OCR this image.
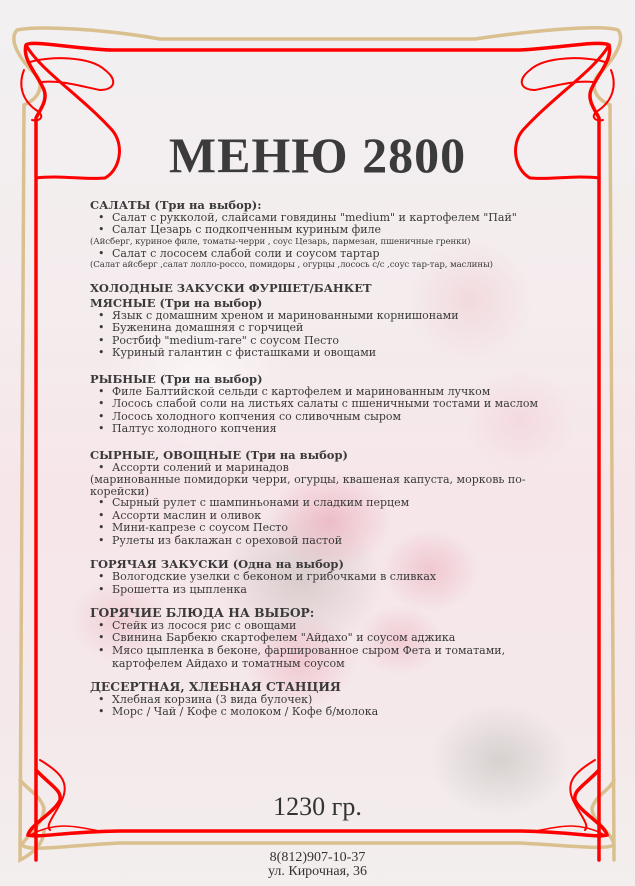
МЕНЮ 2800
САЛАТЫ (Три на выбор):
• Салат с рукколой, слайсами говядины "medium" и картофелем "Пай"
• Салат Цезарь с подкопченным куриным филе
(Айсберг, куриное филе, томаты-черри , соус Цезарь, пармезан, пшеничные гренки)
• Салат с лососем слабой соли и соусом тартар
(Салат айсберг ,салат лолло-россо, помидоры , огурцы ,лосось с/с ,соус тар-тар, маслины)
ХОЛОДНЫЕ ЗАКУСКИ ФУРШЕТ/БАНКЕТ
МЯСНЫЕ (Три на выбор)
• Язык с домашним хреном и маринованными корнишонами
• Буженина домашняя с горчицей
• Ростбиф "medium-rare" с соусом Песто
• Куриный галантин с фисташками и овощами
РЫБНЫЕ (Три на выбор)
• Филе Балтийской сельди с картофелем и маринованным лучком
• Лосось слабой соли на листьях салаты с пшеничными тостами и маслом
• Лосось холодного копчения со сливочным сыром
• Палтус холодного копчения
СЫРНЫЕ, ОВОЩНЫЕ (Три на выбор)
• Ассорти солений и маринадов
(маринованные помидорки черри, огурцы, квашеная капуста, морковь по-корейски)
• Сырный рулет с шампиньонами и сладким перцем
• Ассорти маслин и оливок
• Мини-капрезе с соусом Песто
• Рулеты из баклажан с ореховой пастой
ГОРЯЧАЯ ЗАКУСКИ (Одна на выбор)
• Вологодские узелки с беконом и грибочками в сливках
• Брошетта из цыпленка
ГОРЯЧИЕ БЛЮДА НА ВЫБОР:
• Стейк из лосося рис с овощами
• Свинина Барбекю скартофелем "Айдахо" и соусом аджика
• Мясо цыпленка в беконе, фаршированное сыром Фета и томатами, картофелем Айдахо и томатным соусом
ДЕСЕРТНАЯ, ХЛЕБНАЯ СТАНЦИЯ
• Хлебная корзина (3 вида булочек)
• Морс / Чай / Кофе с молоком / Кофе б/молока
1230 гр.
8(812)907-10-37
ул. Кирочная, 36
